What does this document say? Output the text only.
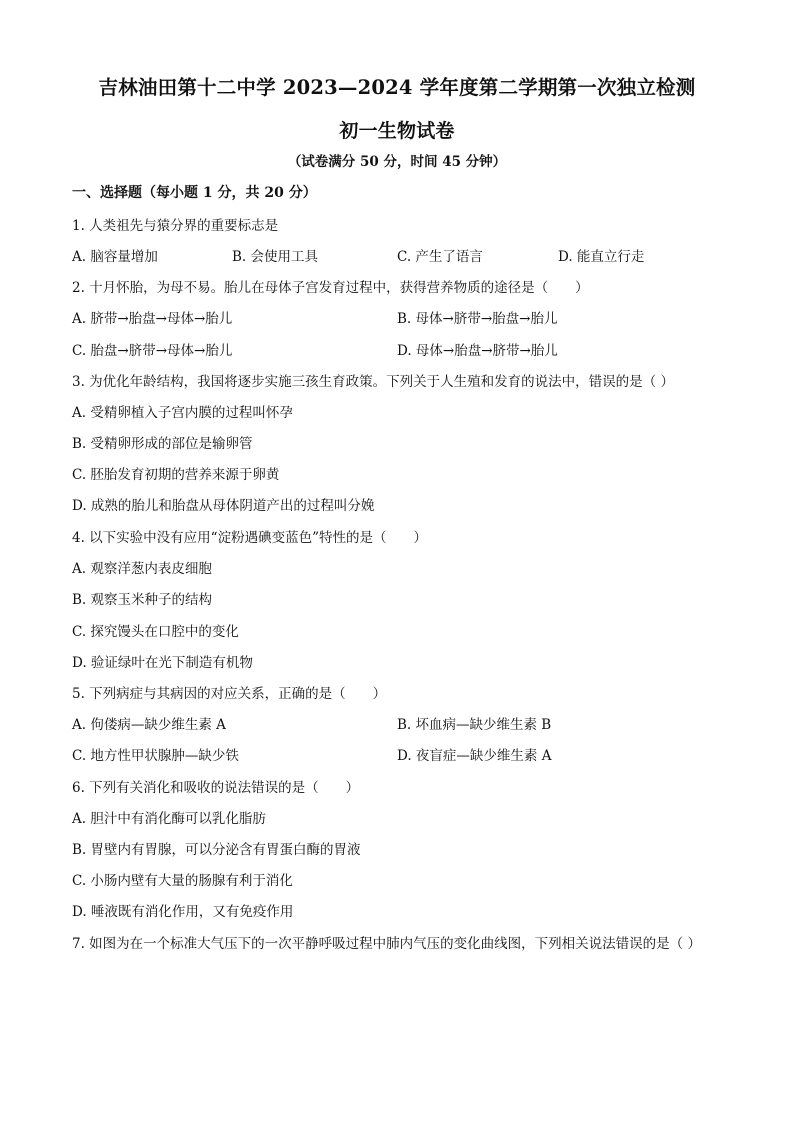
吉林油田第十二中学 2023—2024 学年度第二学期第一次独立检测
初一生物试卷
（试卷满分 50 分，时间 45 分钟）
一、选择题（每小题 1 分，共 20 分）
1. 人类祖先与猿分界的重要标志是
A. 脑容量增加	B. 会使用工具	C. 产生了语言	D. 能直立行走
2. 十月怀胎，为母不易。胎儿在母体子宫发育过程中，获得营养物质的途径是（　　）
A. 脐带→胎盘→母体→胎儿	B. 母体→脐带→胎盘→胎儿
C. 胎盘→脐带→母体→胎儿	D. 母体→胎盘→脐带→胎儿
3. 为优化年龄结构，我国将逐步实施三孩生育政策。下列关于人生殖和发育的说法中，错误的是（ ）
A. 受精卵植入子宫内膜的过程叫怀孕
B. 受精卵形成的部位是输卵管
C. 胚胎发育初期的营养来源于卵黄
D. 成熟的胎儿和胎盘从母体阴道产出的过程叫分娩
4. 以下实验中没有应用“淀粉遇碘变蓝色”特性的是（　　）
A. 观察洋葱内表皮细胞
B. 观察玉米种子的结构
C. 探究馒头在口腔中的变化
D. 验证绿叶在光下制造有机物
5. 下列病症与其病因的对应关系，正确的是（　　）
A. 佝偻病—缺少维生素 A	B. 坏血病—缺少维生素 B
C. 地方性甲状腺肿—缺少铁	D. 夜盲症—缺少维生素 A
6. 下列有关消化和吸收的说法错误的是（　　）
A. 胆汁中有消化酶可以乳化脂肪
B. 胃壁内有胃腺，可以分泌含有胃蛋白酶的胃液
C. 小肠内壁有大量的肠腺有利于消化
D. 唾液既有消化作用，又有免疫作用
7. 如图为在一个标准大气压下的一次平静呼吸过程中肺内气压的变化曲线图，下列相关说法错误的是（ ）
